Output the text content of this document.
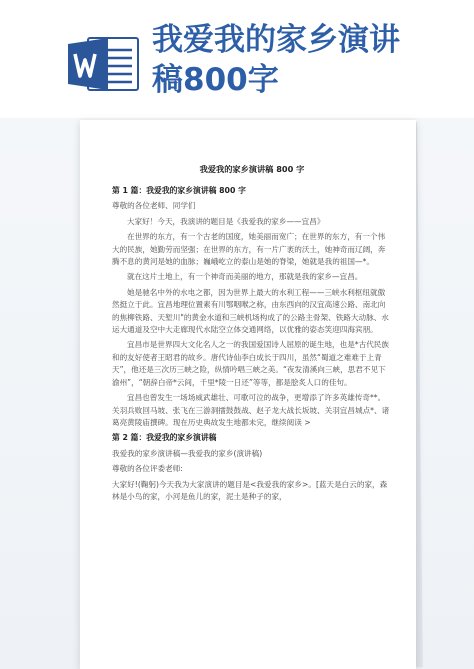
我爱我的家乡演讲
稿800字
我爱我的家乡演讲稿 800 字

第 1 篇：我爱我的家乡演讲稿 800 字

尊敬的各位老师、同学们

大家好！今天，我演讲的题目是《我爱我的家乡——宜昌》

在世界的东方，有一个古老的国度，她美丽而宽广；在世界的东方，有一个伟大的民族，她勤劳而坚强；在世界的东方，有一片广袤的沃土，她神奇而辽阔，奔腾不息的黄河是她的血脉；巍峨屹立的泰山是她的脊梁，她就是我的祖国—*。

就在这片土地上，有一个神奇而美丽的地方，那就是我的家乡—宜昌。

她是驰名中外的水电之都，因为世界上最大的水利工程——三峡水利枢纽就傲然挺立于此。宜昌地理位置素有川鄂咽喉之称，由东西向的汉宜高速公路、南北向的焦柳铁路、天堑川"的黄金水道和三峡机场构成了的公路主骨架、铁路大动脉、水运大通道及空中大走廊现代水陆空立体交通网络，以优雅的姿态笑迎四海宾朋。

宜昌市是世界四大文化名人之一的我国爱国诗人屈原的诞生地，也是*古代民族和的友好使者王昭君的故乡。唐代诗仙李白成长于四川，虽然“蜀道之难难于上青天”，他还是三次历三峡之险，纵情吟唱三峡之美。“夜发清溪向三峡，思君不见下渝州”，“朝辞白帝*云间，千里*陵一日还”等等，都是脍炙人口的佳句。

宜昌也曾发生一场场威武雄壮、可歌可泣的战争，更增添了许多英雄传奇**。关羽兵败回马坡、张飞在三游洞擂鼓鼓战、赵子龙大战长坂坡、关羽宜昌城点*、诸葛亮黄陵庙撰碑。现在历史典故发生地都未完，继续阅读 >

第 2 篇：我爱我的家乡演讲稿

我爱我的家乡演讲稿—我爱我的家乡(演讲稿)

尊敬的各位评委老师:

大家好!(鞠躬)今天我为大家演讲的题目是<我爱我的家乡>。[蓝天是白云的家，森林是小鸟的家，小河是鱼儿的家，泥土是种子的家，
